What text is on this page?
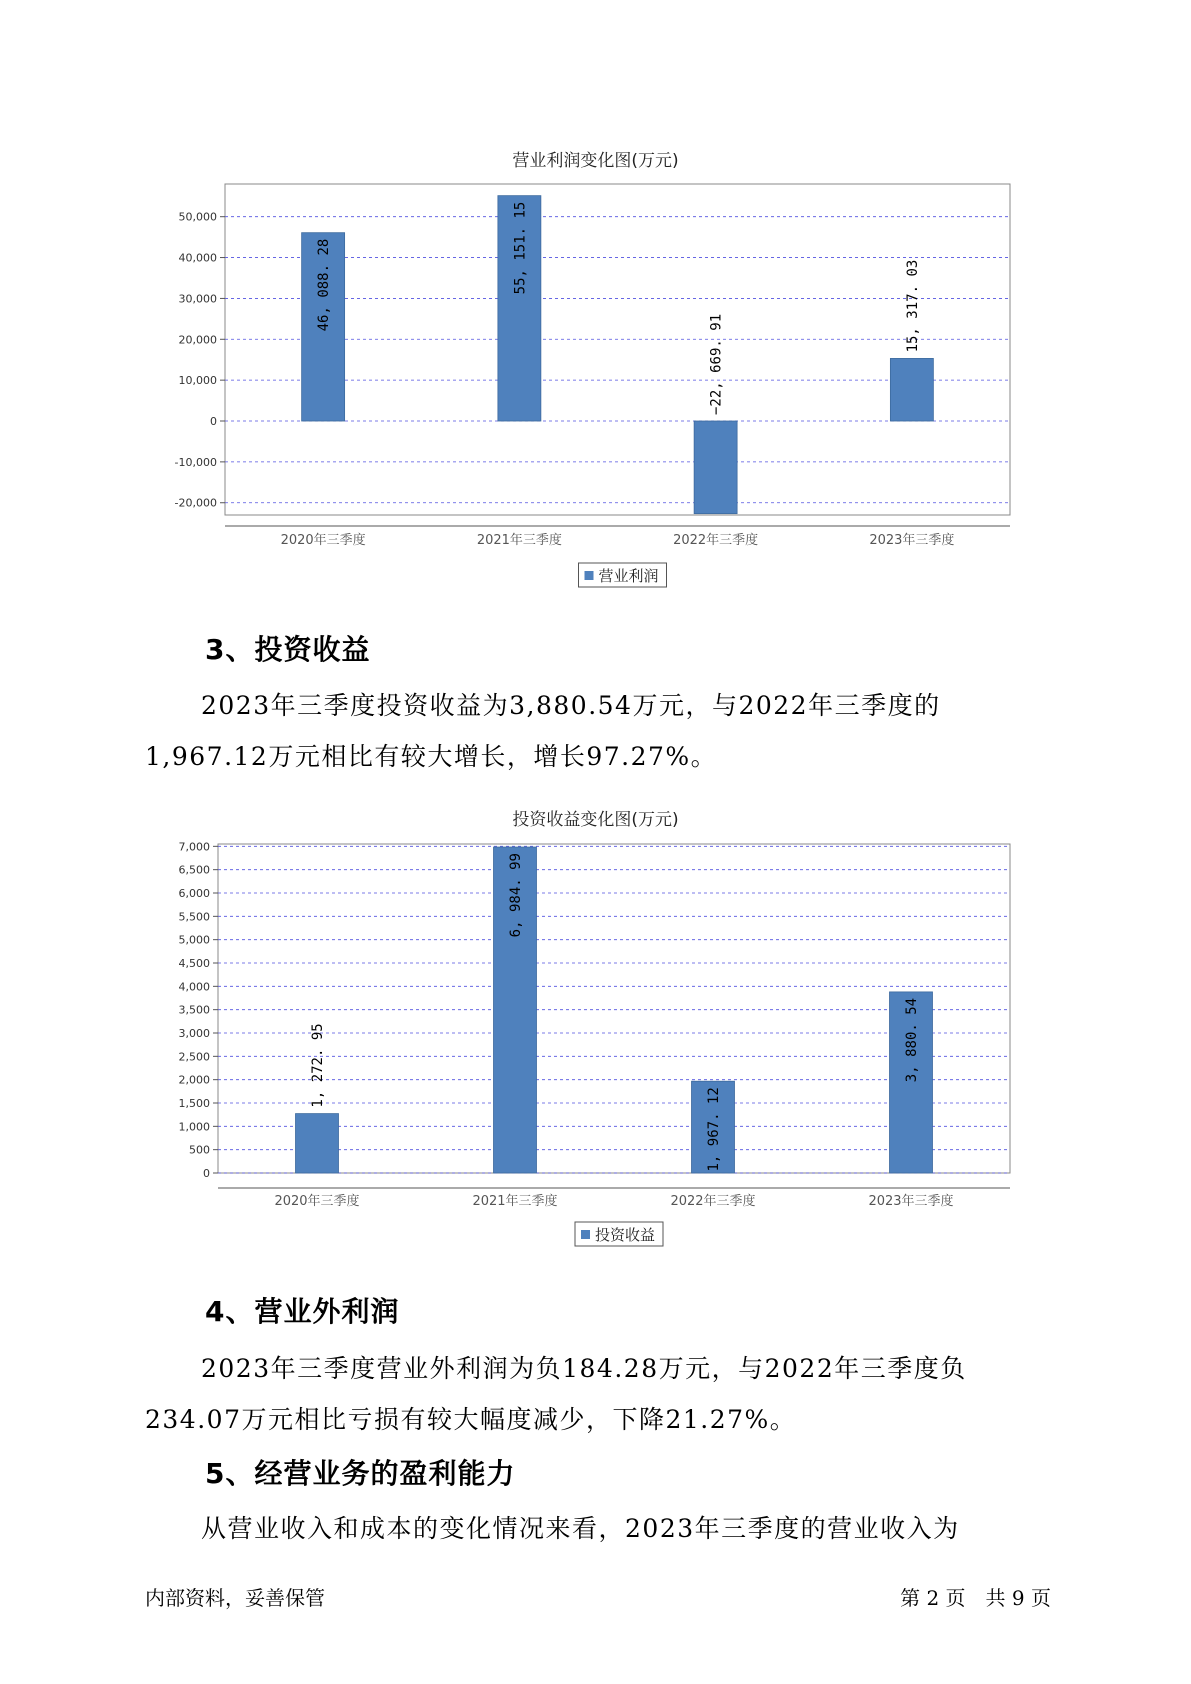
营业利润变化图(万元)
50,000
40,000
30,000
20,000
10,000
0
-10,000
-20,000
46, 088. 28
2020年三季度
55, 151. 15
2021年三季度
−22, 669. 91
2022年三季度
15, 317. 03
2023年三季度
营业利润
3、投资收益
2023年三季度投资收益为3,880.54万元，与2022年三季度的1,967.12万元相比有较大增长，增长97.27%。
投资收益变化图(万元)
7,000
6,500
6,000
5,500
5,000
4,500
4,000
3,500
3,000
2,500
2,000
1,500
1,000
500
0
1, 272. 95
2020年三季度
6, 984. 99
2021年三季度
1, 967. 12
2022年三季度
3, 880. 54
2023年三季度
投资收益
4、营业外利润
2023年三季度营业外利润为负184.28万元，与2022年三季度负234.07万元相比亏损有较大幅度减少，下降21.27%。
5、经营业务的盈利能力
从营业收入和成本的变化情况来看，2023年三季度的营业收入为
内部资料，妥善保管	第 2 页　共 9 页
